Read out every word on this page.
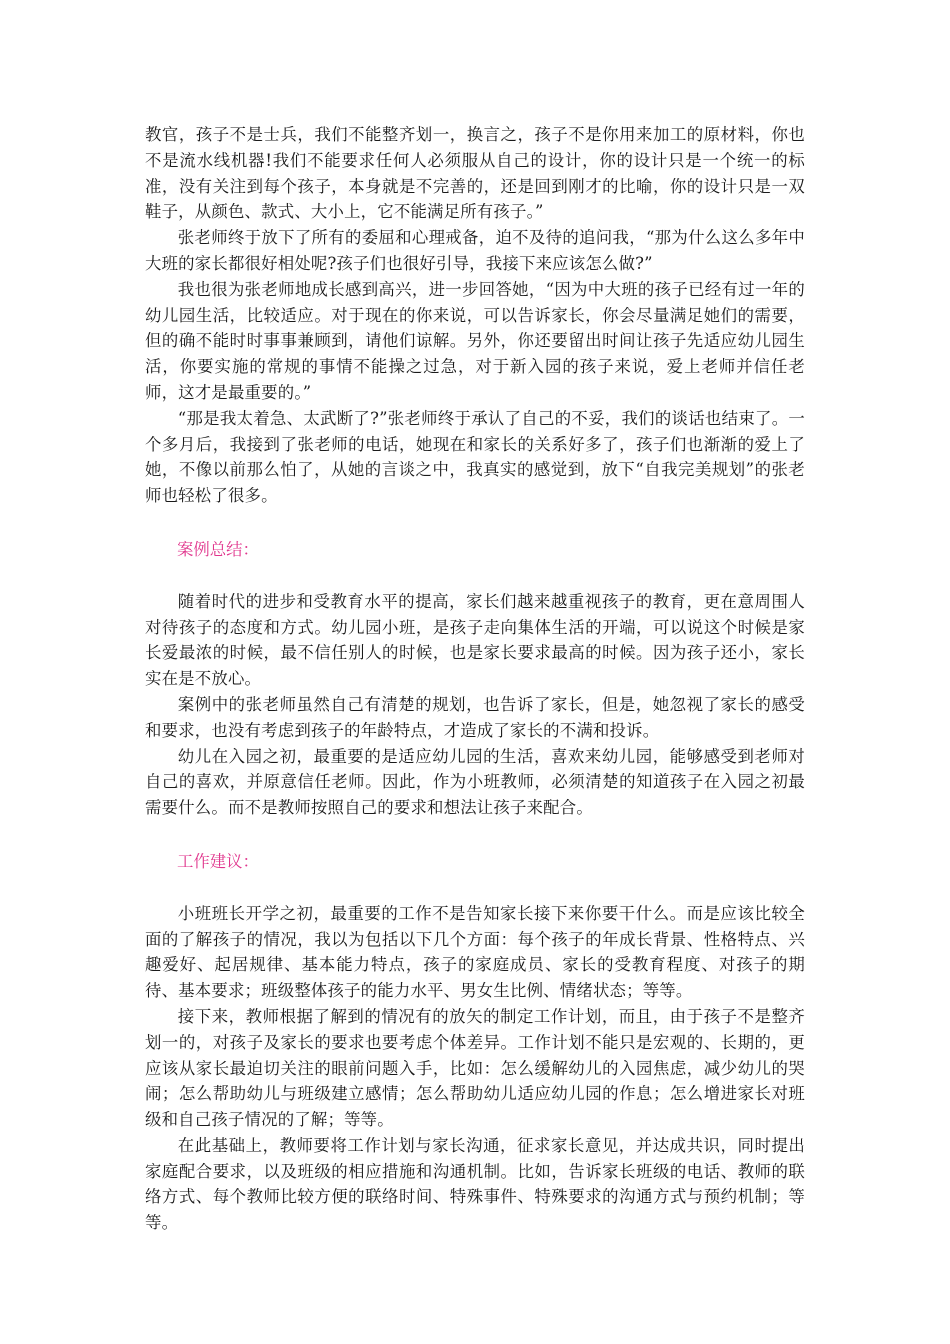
教官，孩子不是士兵，我们不能整齐划一，换言之，孩子不是你用来加工的原材料，你也不是流水线机器!我们不能要求任何人必须服从自己的设计，你的设计只是一个统一的标准，没有关注到每个孩子，本身就是不完善的，还是回到刚才的比喻，你的设计只是一双鞋子，从颜色、款式、大小上，它不能满足所有孩子。”

张老师终于放下了所有的委屈和心理戒备，迫不及待的追问我，“那为什么这么多年中大班的家长都很好相处呢?孩子们也很好引导，我接下来应该怎么做?”

我也很为张老师地成长感到高兴，进一步回答她，“因为中大班的孩子已经有过一年的幼儿园生活，比较适应。对于现在的你来说，可以告诉家长，你会尽量满足她们的需要，但的确不能时时事事兼顾到，请他们谅解。另外，你还要留出时间让孩子先适应幼儿园生活，你要实施的常规的事情不能操之过急，对于新入园的孩子来说，爱上老师并信任老师，这才是最重要的。”

“那是我太着急、太武断了?”张老师终于承认了自己的不妥，我们的谈话也结束了。一个多月后，我接到了张老师的电话，她现在和家长的关系好多了，孩子们也渐渐的爱上了她，不像以前那么怕了，从她的言谈之中，我真实的感觉到，放下“自我完美规划”的张老师也轻松了很多。

案例总结：

随着时代的进步和受教育水平的提高，家长们越来越重视孩子的教育，更在意周围人对待孩子的态度和方式。幼儿园小班，是孩子走向集体生活的开端，可以说这个时候是家长爱最浓的时候，最不信任别人的时候，也是家长要求最高的时候。因为孩子还小，家长实在是不放心。

案例中的张老师虽然自己有清楚的规划，也告诉了家长，但是，她忽视了家长的感受和要求，也没有考虑到孩子的年龄特点，才造成了家长的不满和投诉。

幼儿在入园之初，最重要的是适应幼儿园的生活，喜欢来幼儿园，能够感受到老师对自己的喜欢，并原意信任老师。因此，作为小班教师，必须清楚的知道孩子在入园之初最需要什么。而不是教师按照自己的要求和想法让孩子来配合。

工作建议：

小班班长开学之初，最重要的工作不是告知家长接下来你要干什么。而是应该比较全面的了解孩子的情况，我以为包括以下几个方面：每个孩子的年成长背景、性格特点、兴趣爱好、起居规律、基本能力特点，孩子的家庭成员、家长的受教育程度、对孩子的期待、基本要求；班级整体孩子的能力水平、男女生比例、情绪状态；等等。

接下来，教师根据了解到的情况有的放矢的制定工作计划，而且，由于孩子不是整齐划一的，对孩子及家长的要求也要考虑个体差异。工作计划不能只是宏观的、长期的，更应该从家长最迫切关注的眼前问题入手，比如：怎么缓解幼儿的入园焦虑，减少幼儿的哭闹；怎么帮助幼儿与班级建立感情；怎么帮助幼儿适应幼儿园的作息；怎么增进家长对班级和自己孩子情况的了解；等等。

在此基础上，教师要将工作计划与家长沟通，征求家长意见，并达成共识，同时提出家庭配合要求，以及班级的相应措施和沟通机制。比如，告诉家长班级的电话、教师的联络方式、每个教师比较方便的联络时间、特殊事件、特殊要求的沟通方式与预约机制；等等。
